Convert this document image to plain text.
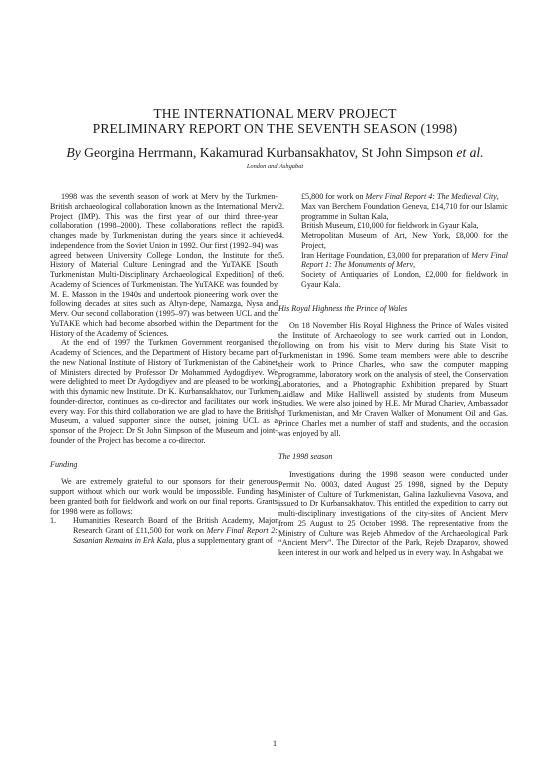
THE INTERNATIONAL MERV PROJECT
PRELIMINARY REPORT ON THE SEVENTH SEASON (1998)
By Georgina Herrmann, Kakamurad Kurbansakhatov, St John Simpson et al.
London and Ashgabat

1998 was the seventh season of work at Merv by the Turkmen-British archaeological collaboration known as the International Merv Project (IMP). This was the first year of our third three-year collaboration (1998–2000). These collaborations reflect the rapid changes made by Turkmenistan during the years since it achieved independence from the Soviet Union in 1992. Our first (1992–94) was agreed between University College London, the Institute for the History of Material Culture Leningrad and the YuTAKE [South Turkmenistan Multi-Disciplinary Archaeological Expedition] of the Academy of Sciences of Turkmenistan. The YuTAKE was founded by M. E. Masson in the 1940s and undertook pioneering work over the following decades at sites such as Altyn-depe, Namazga, Nysa and Merv. Our second collaboration (1995–97) was between UCL and the YuTAKE which had become absorbed within the Department for the History of the Academy of Sciences.

At the end of 1997 the Turkmen Government reorganised the Academy of Sciences, and the Department of History became part of the new National Institute of History of Turkmenistan of the Cabinet of Ministers directed by Professor Dr Mohammed Aydogdiyev. We were delighted to meet Dr Aydogdiyev and are pleased to be working with this dynamic new Institute. Dr K. Kurbansakhatov, our Turkmen founder-director, continues as co-director and facilitates our work in every way. For this third collaboration we are glad to have the British Museum, a valued supporter since the outset, joining UCL as a sponsor of the Project: Dr St John Simpson of the Museum and joint-founder of the Project has become a co-director.

Funding

We are extremely grateful to our sponsors for their generous support without which our work would be impossible. Funding has been granted both for fieldwork and work on our final reports. Grants for 1998 were as follows:

1. Humanities Research Board of the British Academy, Major Research Grant of £11,500 for work on Merv Final Report 2: Sasanian Remains in Erk Kala, plus a supplementary grant of
£5,800 for work on Merv Final Report 4: The Medieval City,
2. Max van Berchem Foundation Geneva, £14,710 for our Islamic programme in Sultan Kala,
3. British Museum, £10,000 for fieldwork in Gyaur Kala,
4. Metropolitan Museum of Art, New York, £8,000 for the Project,
5. Iran Heritage Foundation, £3,000 for preparation of Merv Final Report 1: The Monuments of Merv,
6. Society of Antiquaries of London, £2,000 for fieldwork in Gyaur Kala.
His Royal Highness the Prince of Wales

On 18 November His Royal Highness the Prince of Wales visited the Institute of Archaeology to see work carried out in London, following on from his visit to Merv during his State Visit to Turkmenistan in 1996. Some team members were able to describe their work to Prince Charles, who saw the computer mapping programme, laboratory work on the analysis of steel, the Conservation Laboratories, and a Photographic Exhibition prepared by Stuart Laidlaw and Mike Halliwell assisted by students from Museum Studies. We were also joined by H.E. Mr Murad Chariev, Ambassador of Turkmenistan, and Mr Craven Walker of Monument Oil and Gas. Prince Charles met a number of staff and students, and the occasion was enjoyed by all.

The 1998 season

Investigations during the 1998 season were conducted under Permit No. 0003, dated August 25 1998, signed by the Deputy Minister of Culture of Turkmenistan, Galina Iazkulievna Vasova, and issued to Dr Kurbansakhatov. This entitled the expedition to carry out multi-disciplinary investigations of the city-sites of Ancient Merv from 25 August to 25 October 1998. The representative from the Ministry of Culture was Rejeb Ahmedov of the Archaeological Park “Ancient Merv”. The Director of the Park, Rejeb Dzaparov, showed keen interest in our work and helped us in every way. In Ashgabat we

1
